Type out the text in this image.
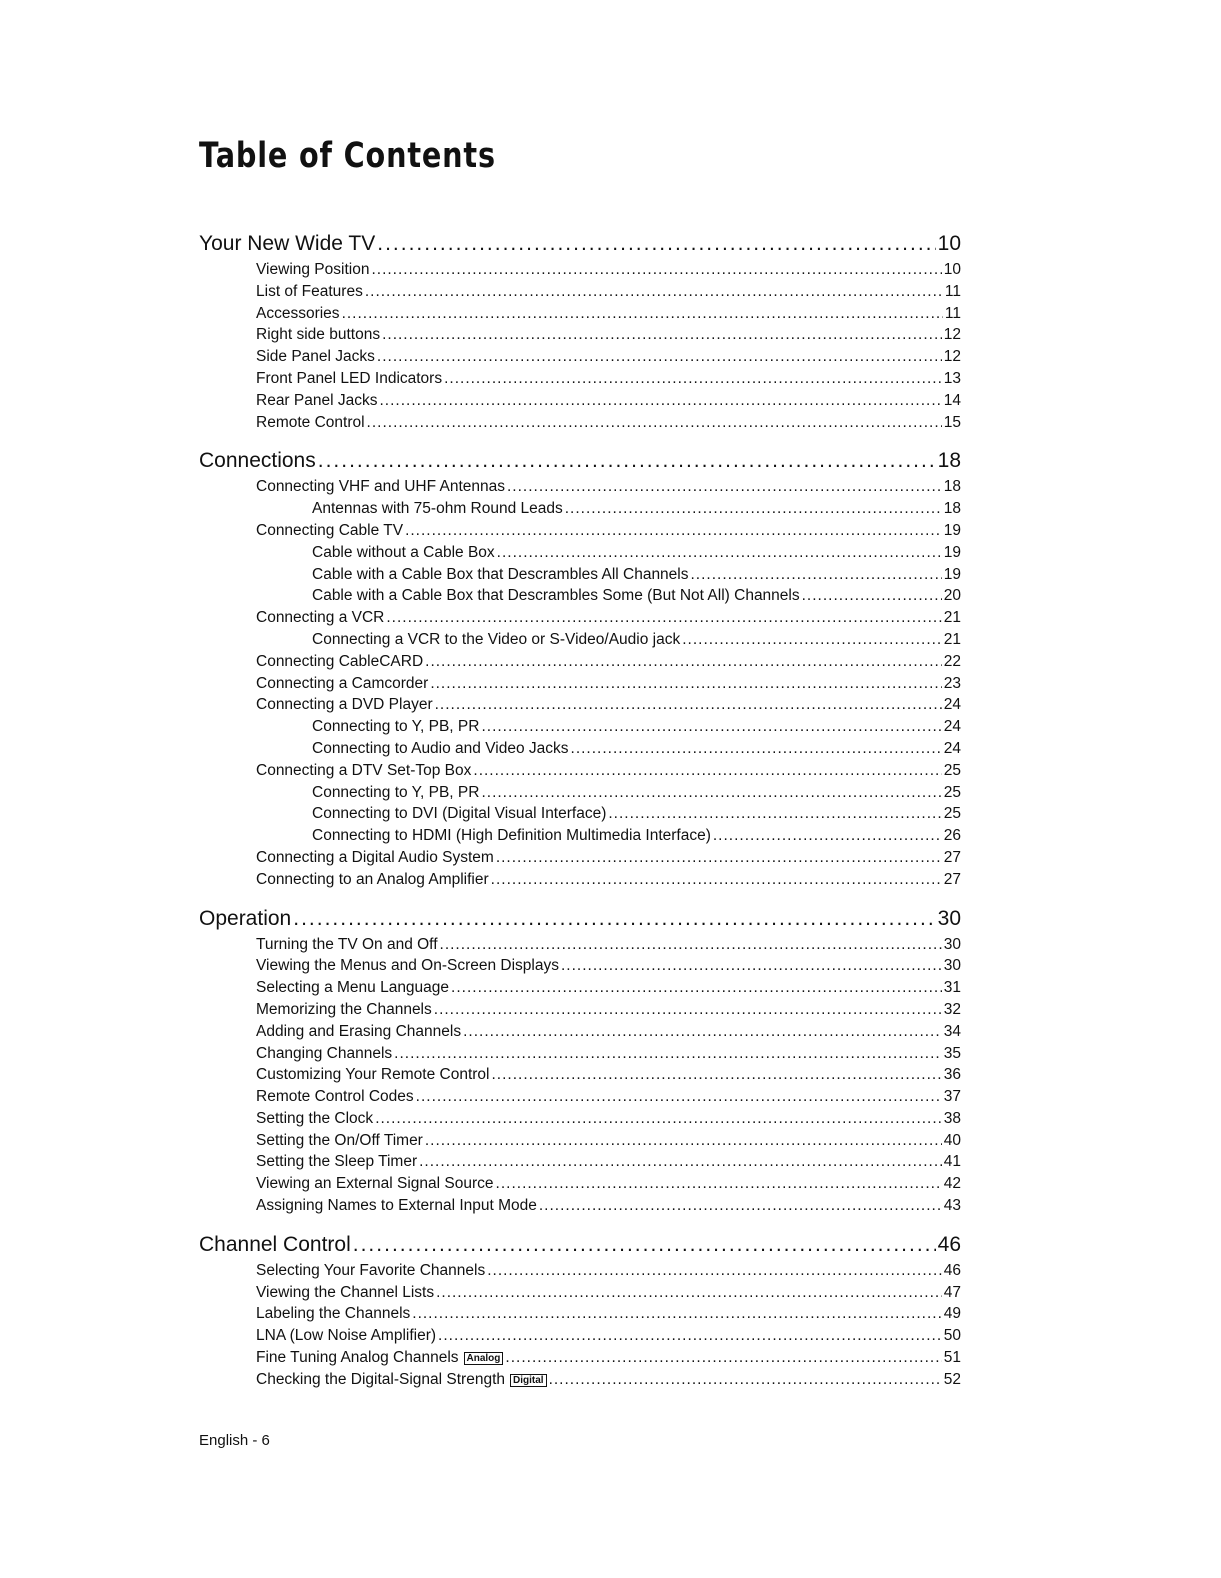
Table of Contents
Your New Wide TV .....	10
Viewing Position .....	10
List of Features .....	11
Accessories .....	11
Right side buttons .....	12
Side Panel Jacks .....	12
Front Panel LED Indicators .....	13
Rear Panel Jacks .....	14
Remote Control .....	15
Connections .....	18
Connecting VHF and UHF Antennas .....	18
Antennas with 75-ohm Round Leads .....	18
Connecting Cable TV .....	19
Cable without a Cable Box .....	19
Cable with a Cable Box that Descrambles All Channels .....	19
Cable with a Cable Box that Descrambles Some (But Not All) Channels .....	20
Connecting a VCR .....	21
Connecting a VCR to the Video or S-Video/Audio jack .....	21
Connecting CableCARD .....	22
Connecting a Camcorder .....	23
Connecting a DVD Player .....	24
Connecting to Y, PB, PR .....	24
Connecting to Audio and Video Jacks .....	24
Connecting a DTV Set-Top Box .....	25
Connecting to Y, PB, PR .....	25
Connecting to DVI (Digital Visual Interface) .....	25
Connecting to HDMI (High Definition Multimedia Interface) .....	26
Connecting a Digital Audio System .....	27
Connecting to an Analog Amplifier .....	27
Operation .....	30
Turning the TV On and Off .....	30
Viewing the Menus and On-Screen Displays .....	30
Selecting a Menu Language .....	31
Memorizing the Channels .....	32
Adding and Erasing Channels .....	34
Changing Channels .....	35
Customizing Your Remote Control .....	36
Remote Control Codes .....	37
Setting the Clock .....	38
Setting the On/Off Timer .....	40
Setting the Sleep Timer .....	41
Viewing an External Signal Source .....	42
Assigning Names to External Input Mode .....	43
Channel Control .....	46
Selecting Your Favorite Channels .....	46
Viewing the Channel Lists .....	47
Labeling the Channels .....	49
LNA (Low Noise Amplifier) .....	50
Fine Tuning Analog Channels Analog .....	51
Checking the Digital-Signal Strength Digital .....	52
English - 6
